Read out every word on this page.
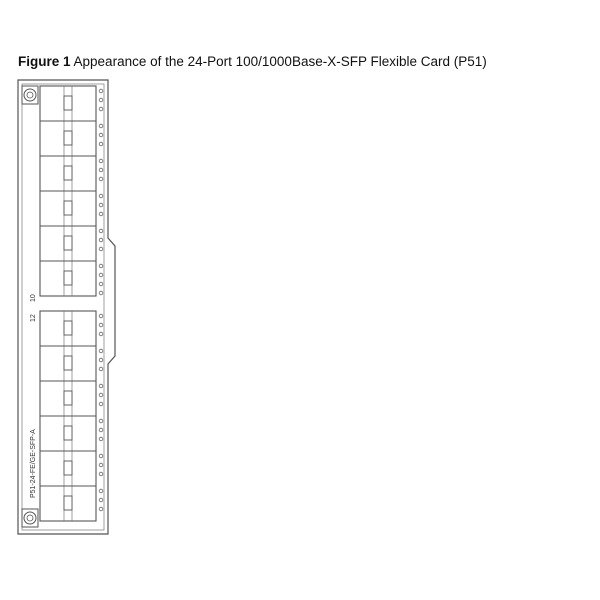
Figure 1 Appearance of the 24-Port 100/1000Base-X-SFP Flexible Card (P51)
10
12
P51-24-FE/GE-SFP-A
